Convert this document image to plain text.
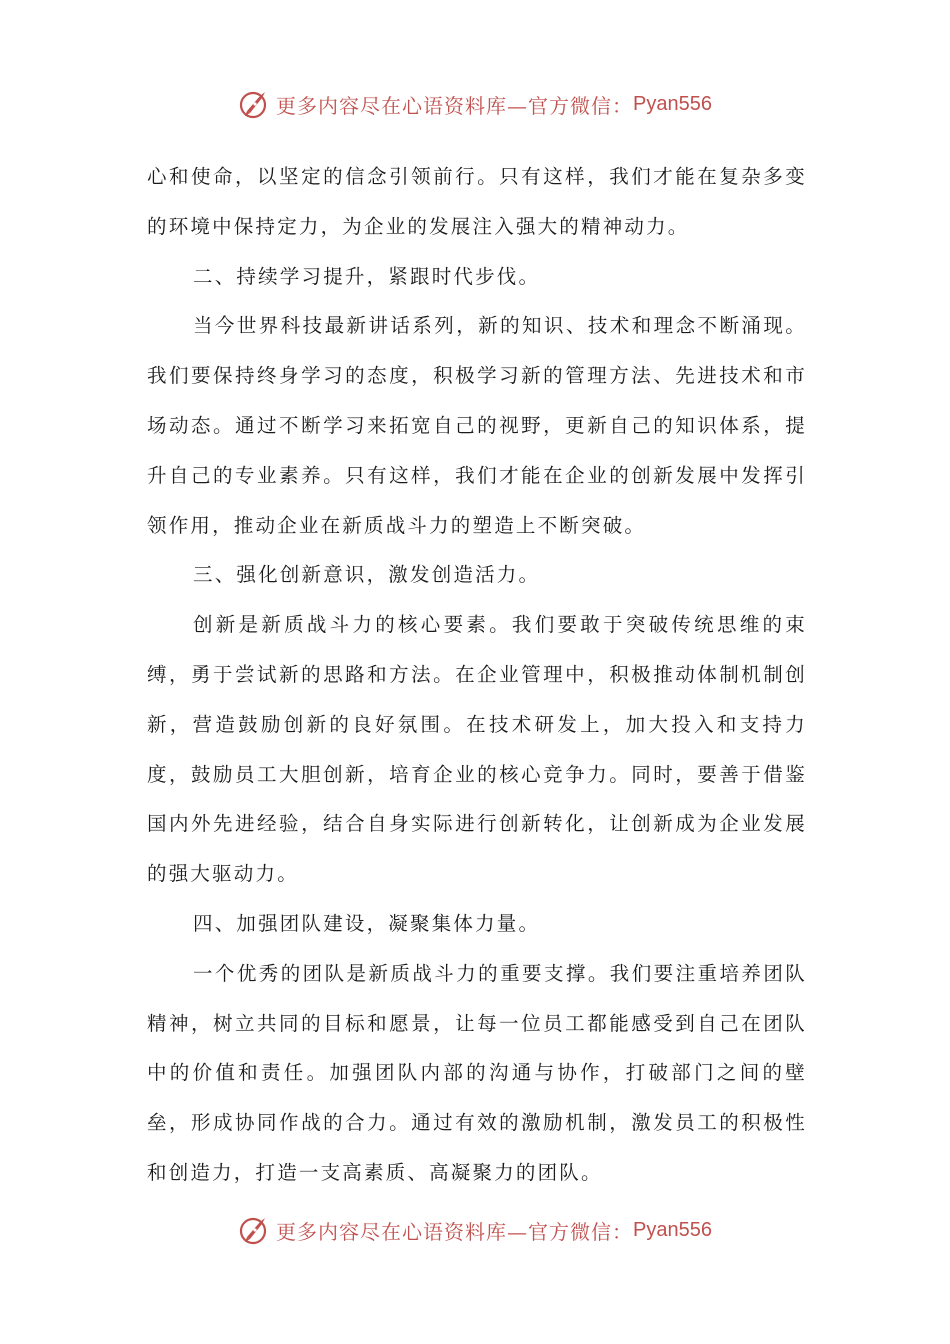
更多内容尽在心语资料库—官方微信： Pyan556

心和使命，以坚定的信念引领前行。只有这样，我们才能在复杂多变的环境中保持定力，为企业的发展注入强大的精神动力。

二、持续学习提升，紧跟时代步伐。

当今世界科技最新讲话系列，新的知识、技术和理念不断涌现。我们要保持终身学习的态度，积极学习新的管理方法、先进技术和市场动态。通过不断学习来拓宽自己的视野，更新自己的知识体系，提升自己的专业素养。只有这样，我们才能在企业的创新发展中发挥引领作用，推动企业在新质战斗力的塑造上不断突破。

三、强化创新意识，激发创造活力。

创新是新质战斗力的核心要素。我们要敢于突破传统思维的束缚，勇于尝试新的思路和方法。在企业管理中，积极推动体制机制创新，营造鼓励创新的良好氛围。在技术研发上，加大投入和支持力度，鼓励员工大胆创新，培育企业的核心竞争力。同时，要善于借鉴国内外先进经验，结合自身实际进行创新转化，让创新成为企业发展的强大驱动力。

四、加强团队建设，凝聚集体力量。

一个优秀的团队是新质战斗力的重要支撑。我们要注重培养团队精神，树立共同的目标和愿景，让每一位员工都能感受到自己在团队中的价值和责任。加强团队内部的沟通与协作，打破部门之间的壁垒，形成协同作战的合力。通过有效的激励机制，激发员工的积极性和创造力，打造一支高素质、高凝聚力的团队。

更多内容尽在心语资料库—官方微信： Pyan556
